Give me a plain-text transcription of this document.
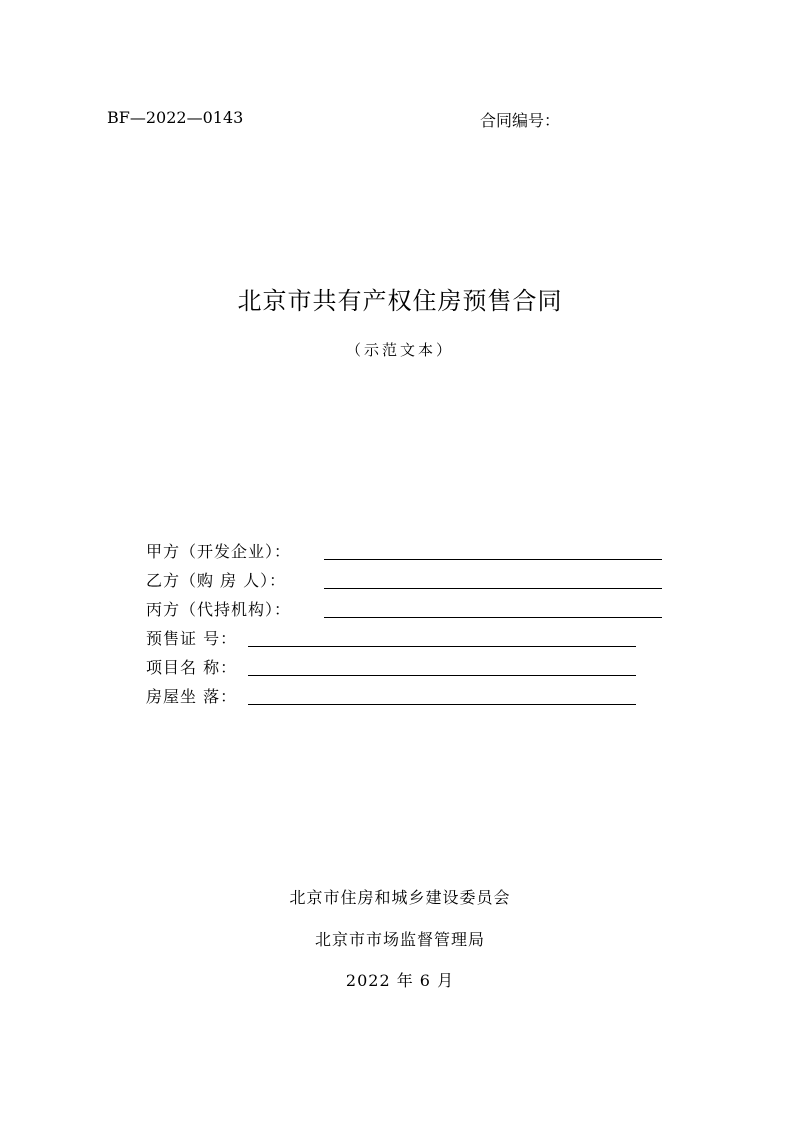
BF—2022—0143	合同编号：
北京市共有产权住房预售合同
（示范文本）
甲方（开发企业）：
乙方（购 房 人）：
丙方（代持机构）：
预售证 号：
项目名 称：
房屋坐 落：
北京市住房和城乡建设委员会
北京市市场监督管理局
2022 年 6 月
